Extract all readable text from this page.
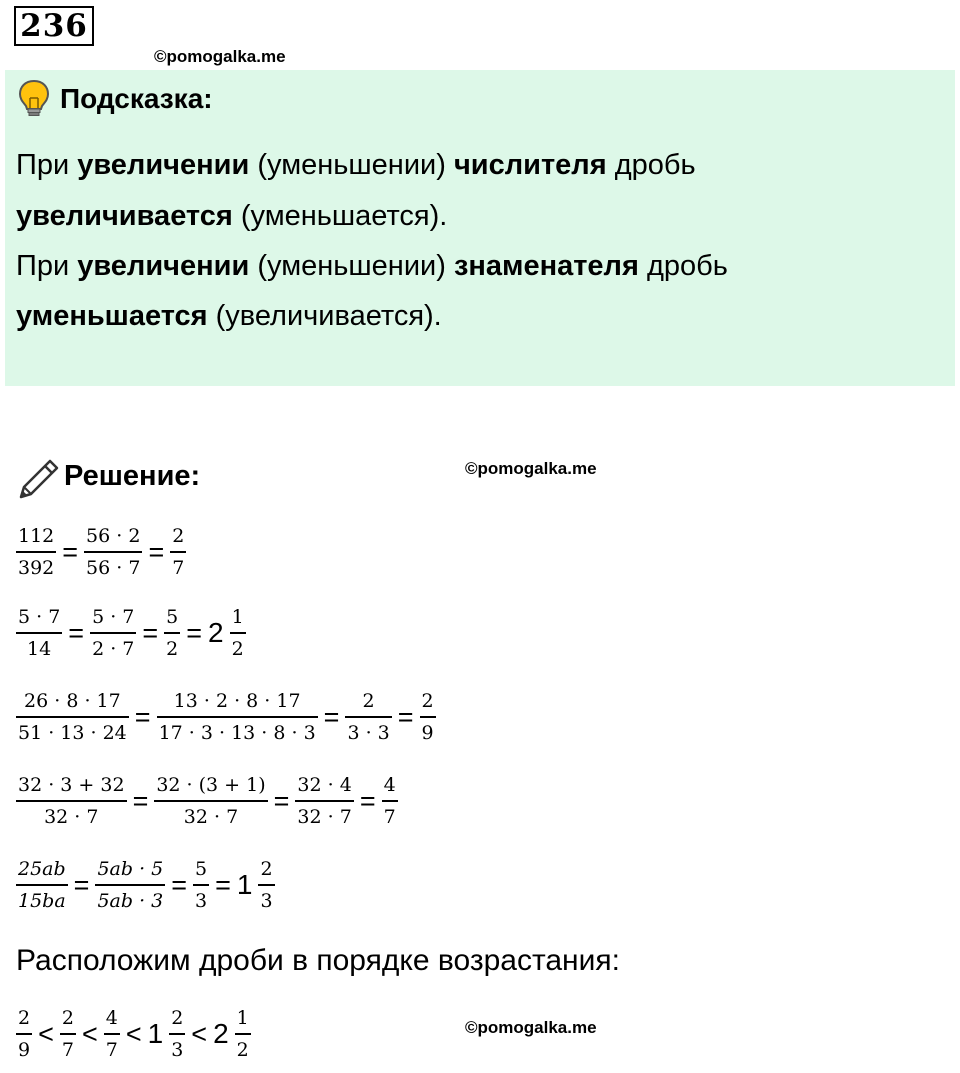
236
©pomogalka.me
Подсказка:
При увеличении (уменьшении) числителя дробь
увеличивается (уменьшается).
При увеличении (уменьшении) знаменателя дробь
уменьшается (увеличивается).
Решение:	©pomogalka.me
$\frac{112}{392} = \frac{56 \cdot 2}{56 \cdot 7} = \frac{2}{7}$
$\frac{5 \cdot 7}{14} = \frac{5 \cdot 7}{2 \cdot 7} = \frac{5}{2} = 2 \frac{1}{2}$
$\frac{26 \cdot 8 \cdot 17}{51 \cdot 13 \cdot 24} = \frac{13 \cdot 2 \cdot 8 \cdot 17}{17 \cdot 3 \cdot 13 \cdot 8 \cdot 3} = \frac{2}{3 \cdot 3} = \frac{2}{9}$
$\frac{32 \cdot 3 + 32}{32 \cdot 7} = \frac{32 \cdot (3 + 1)}{32 \cdot 7} = \frac{32 \cdot 4}{32 \cdot 7} = \frac{4}{7}$
$\frac{25ab}{15ba} = \frac{5ab \cdot 5}{5ab \cdot 3} = \frac{5}{3} = 1 \frac{2}{3}$
Расположим дроби в порядке возрастания:
$\frac{2}{9} < \frac{2}{7} < \frac{4}{7} < 1 \frac{2}{3} < 2 \frac{1}{2}$	©pomogalka.me
